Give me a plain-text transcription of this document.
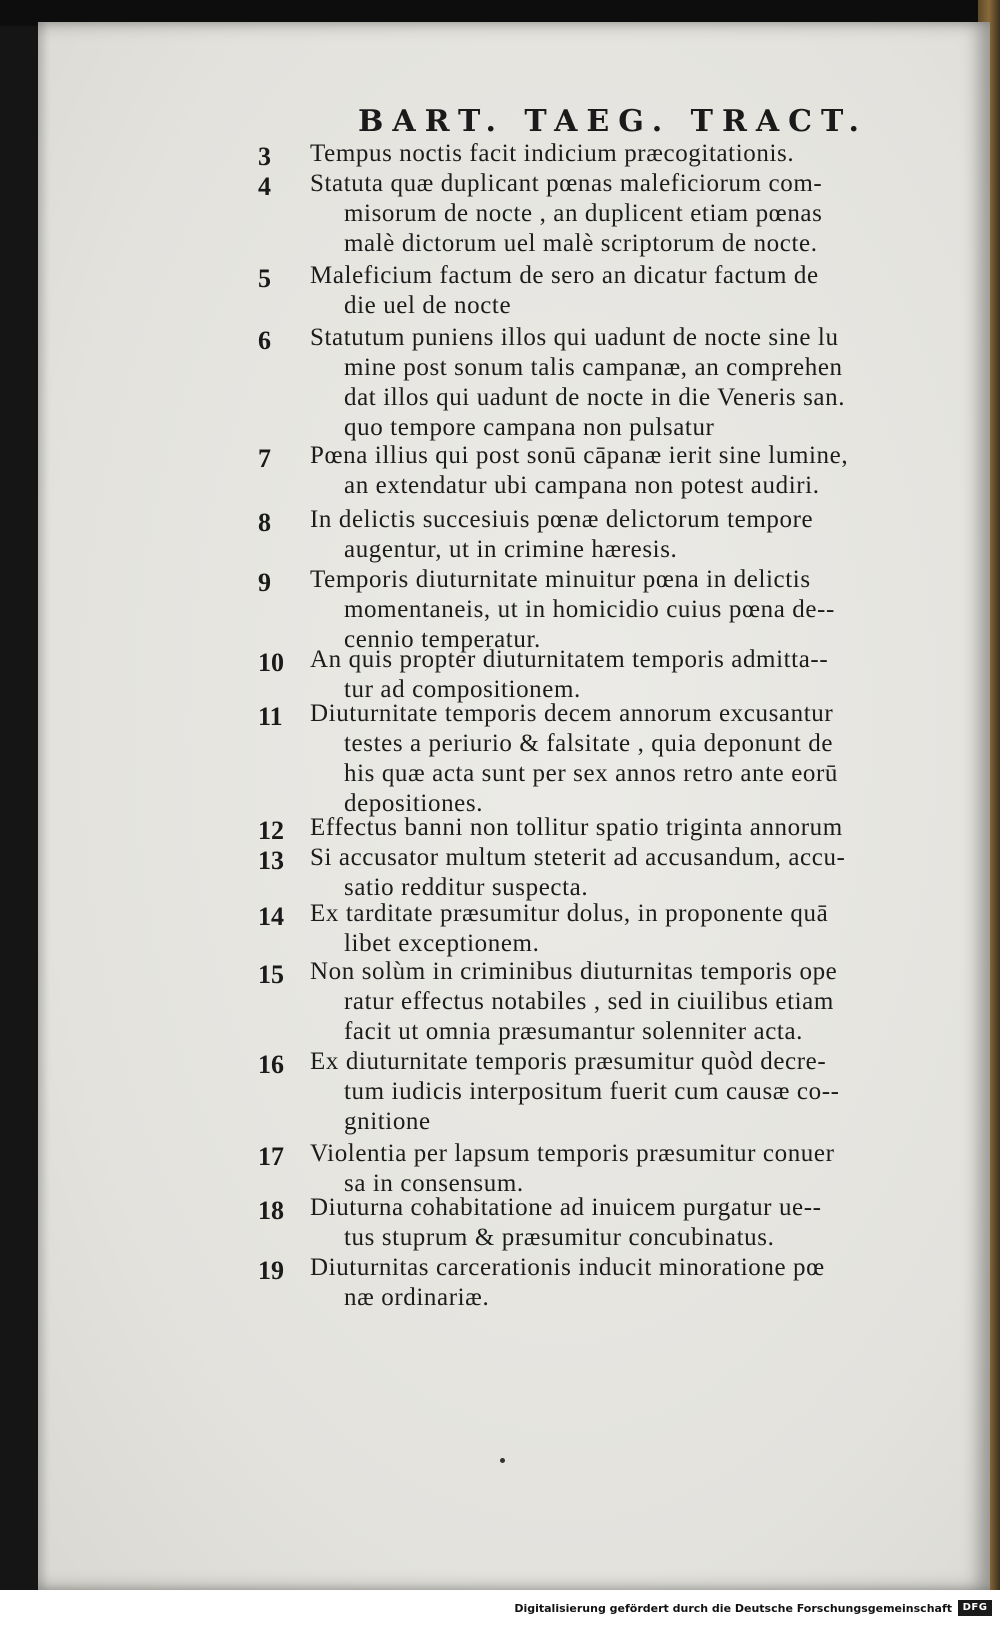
BART. TAEG. TRACT.
3	Tempus noctis facit indicium præcogitationis.
4	Statuta quæ duplicant pœnas maleficiorum com-
misorum de nocte , an duplicent etiam pœnas
malè dictorum uel malè scriptorum de nocte.
5	Maleficium factum de sero an dicatur factum de
die uel de nocte
6	Statutum puniens illos qui uadunt de nocte sine lu
mine post sonum talis campanæ, an comprehen
dat illos qui uadunt de nocte in die Veneris san.
quo tempore campana non pulsatur
7	Pœna illius qui post sonū cāpanæ ierit sine lumine,
an extendatur ubi campana non potest audiri.
8	In delictis succesiuis pœnæ delictorum tempore
augentur, ut in crimine hæresis.
9	Temporis diuturnitate minuitur pœna in delictis
momentaneis, ut in homicidio cuius pœna de--
cennio temperatur.
10	An quis propter diuturnitatem temporis admitta--
tur ad compositionem.
11	Diuturnitate temporis decem annorum excusantur
testes a periurio & falsitate , quia deponunt de
his quæ acta sunt per sex annos retro ante eorū
depositiones.
12	Effectus banni non tollitur spatio triginta annorum
13	Si accusator multum steterit ad accusandum, accu-
satio redditur suspecta.
14	Ex tarditate præsumitur dolus, in proponente quā
libet exceptionem.
15	Non solùm in criminibus diuturnitas temporis ope
ratur effectus notabiles , sed in ciuilibus etiam
facit ut omnia præsumantur solenniter acta.
16	Ex diuturnitate temporis præsumitur quòd decre-
tum iudicis interpositum fuerit cum causæ co--
gnitione
17	Violentia per lapsum temporis præsumitur conuer
sa in consensum.
18	Diuturna cohabitatione ad inuicem purgatur ue--
tus stuprum & præsumitur concubinatus.
19	Diuturnitas carcerationis inducit minoratione pœ
næ ordinariæ.
Digitalisierung gefördert durch die Deutsche Forschungsgemeinschaft	DFG
